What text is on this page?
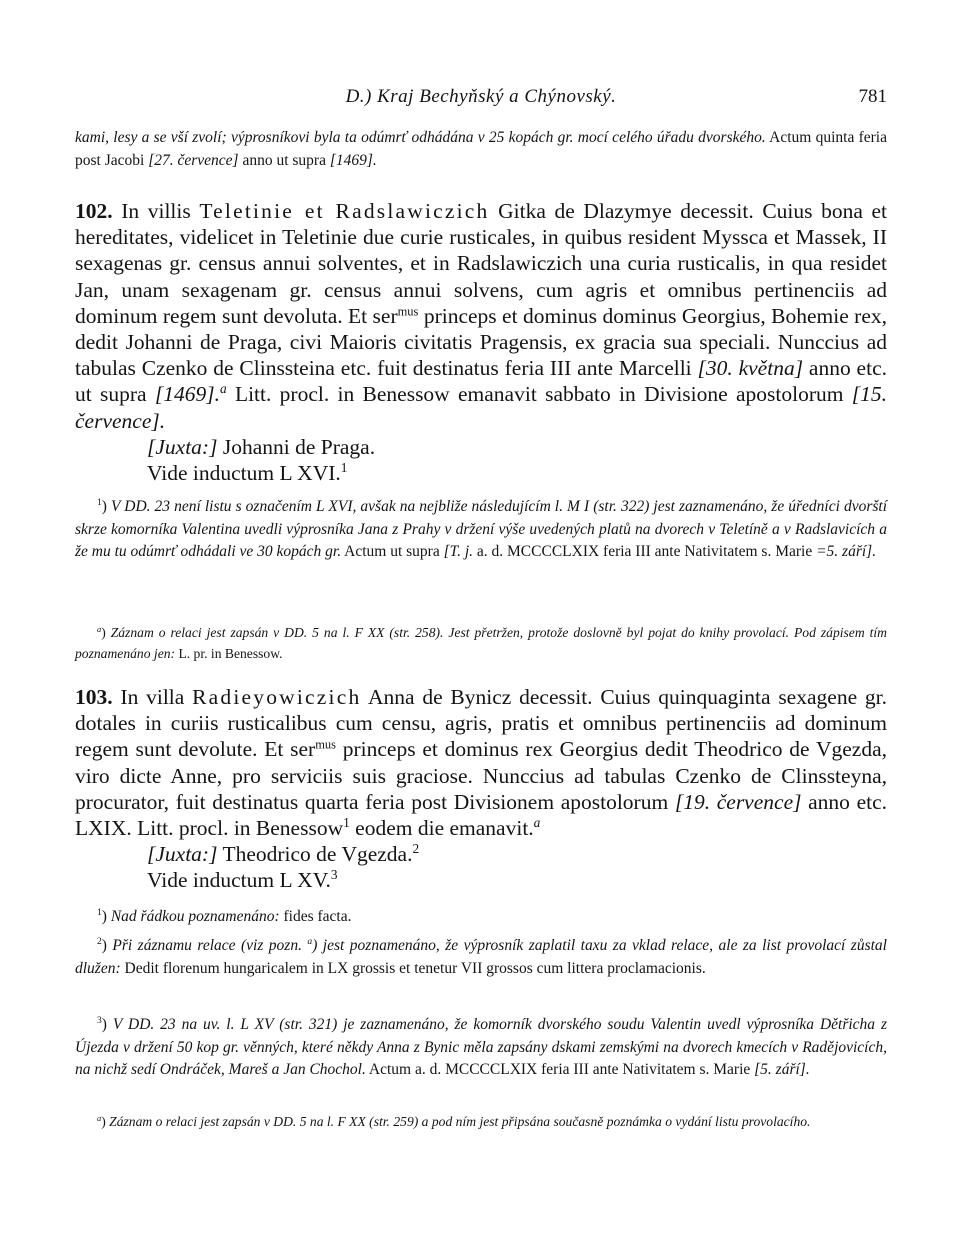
D.) Kraj Bechyňský a Chýnovský.	781
kami, lesy a se vší zvolí; výprosníkovi byla ta odúmrť odhádána v 25 kopách gr. mocí celého úřadu dvorského. Actum quinta feria post Jacobi [27. července] anno ut supra [1469].
102. In villis Teletinie et Radslawiczich Gitka de Dlazymye decessit. Cuius bona et hereditates, videlicet in Teletinie due curie rusticales, in quibus resident Myssca et Massek, II sexagenas gr. census annui solventes, et in Radslawiczich una curia rusticalis, in qua residet Jan, unam sexagenam gr. census annui solvens, cum agris et omnibus pertinenciis ad dominum regem sunt devoluta. Et ser$^{mus}$ princeps et dominus dominus Georgius, Bohemie rex, dedit Johanni de Praga, civi Maioris civitatis Pragensis, ex gracia sua speciali. Nunccius ad tabulas Czenko de Clinssteina etc. fuit destinatus feria III ante Marcelli [30. května] anno etc. ut supra [1469].$^a$ Litt. procl. in Benessow emanavit sabbato in Divisione apostolorum [15. července].
[Juxta:] Johanni de Praga.
Vide inductum L XVI.$^1$
$^1$) V DD. 23 není listu s označením L XVI, avšak na nejbliže následujícím l. M I (str. 322) jest zaznamenáno, že úředníci dvorští skrze komorníka Valentina uvedli výprosníka Jana z Prahy v držení výše uvedených platů na dvorech v Teletíně a v Radslavicích a že mu tu odúmrť odhádali ve 30 kopách gr. Actum ut supra [T. j. a. d. MCCCCLXIX feria III ante Nativitatem s. Marie =5. září].
$^a$) Záznam o relaci jest zapsán v DD. 5 na l. F XX (str. 258). Jest přetržen, protože doslovně byl pojat do knihy provolací. Pod zápisem tím poznamenáno jen: L. pr. in Benessow.
103. In villa Radieyowiczich Anna de Bynicz decessit. Cuius quinquaginta sexagene gr. dotales in curiis rusticalibus cum censu, agris, pratis et omnibus pertinenciis ad dominum regem sunt devolute. Et ser$^{mus}$ princeps et dominus rex Georgius dedit Theodrico de Vgezda, viro dicte Anne, pro serviciis suis graciose. Nunccius ad tabulas Czenko de Clinssteyna, procurator, fuit destinatus quarta feria post Divisionem apostolorum [19. července] anno etc. LXIX. Litt. procl. in Benessow$^1$ eodem die emanavit.$^a$
[Juxta:] Theodrico de Vgezda.$^2$
Vide inductum L XV.$^3$
$^1$) Nad řádkou poznamenáno: fides facta.
$^2$) Při záznamu relace (viz pozn. $^a$) jest poznamenáno, že výprosník zaplatil taxu za vklad relace, ale za list provolací zůstal dlužen: Dedit florenum hungaricalem in LX grossis et tenetur VII grossos cum littera proclamacionis.
$^3$) V DD. 23 na uv. l. L XV (str. 321) je zaznamenáno, že komorník dvorského soudu Valentin uvedl výprosníka Dětřicha z Újezda v držení 50 kop gr. věnných, které někdy Anna z Bynic měla zapsány dskami zemskými na dvorech kmecích v Radějovicích, na nichž sedí Ondráček, Mareš a Jan Chochol. Actum a. d. MCCCCLXIX feria III ante Nativitatem s. Marie [5. září].
$^a$) Záznam o relaci jest zapsán v DD. 5 na l. F XX (str. 259) a pod ním jest připsána současně poznámka o vydání listu provolacího.
